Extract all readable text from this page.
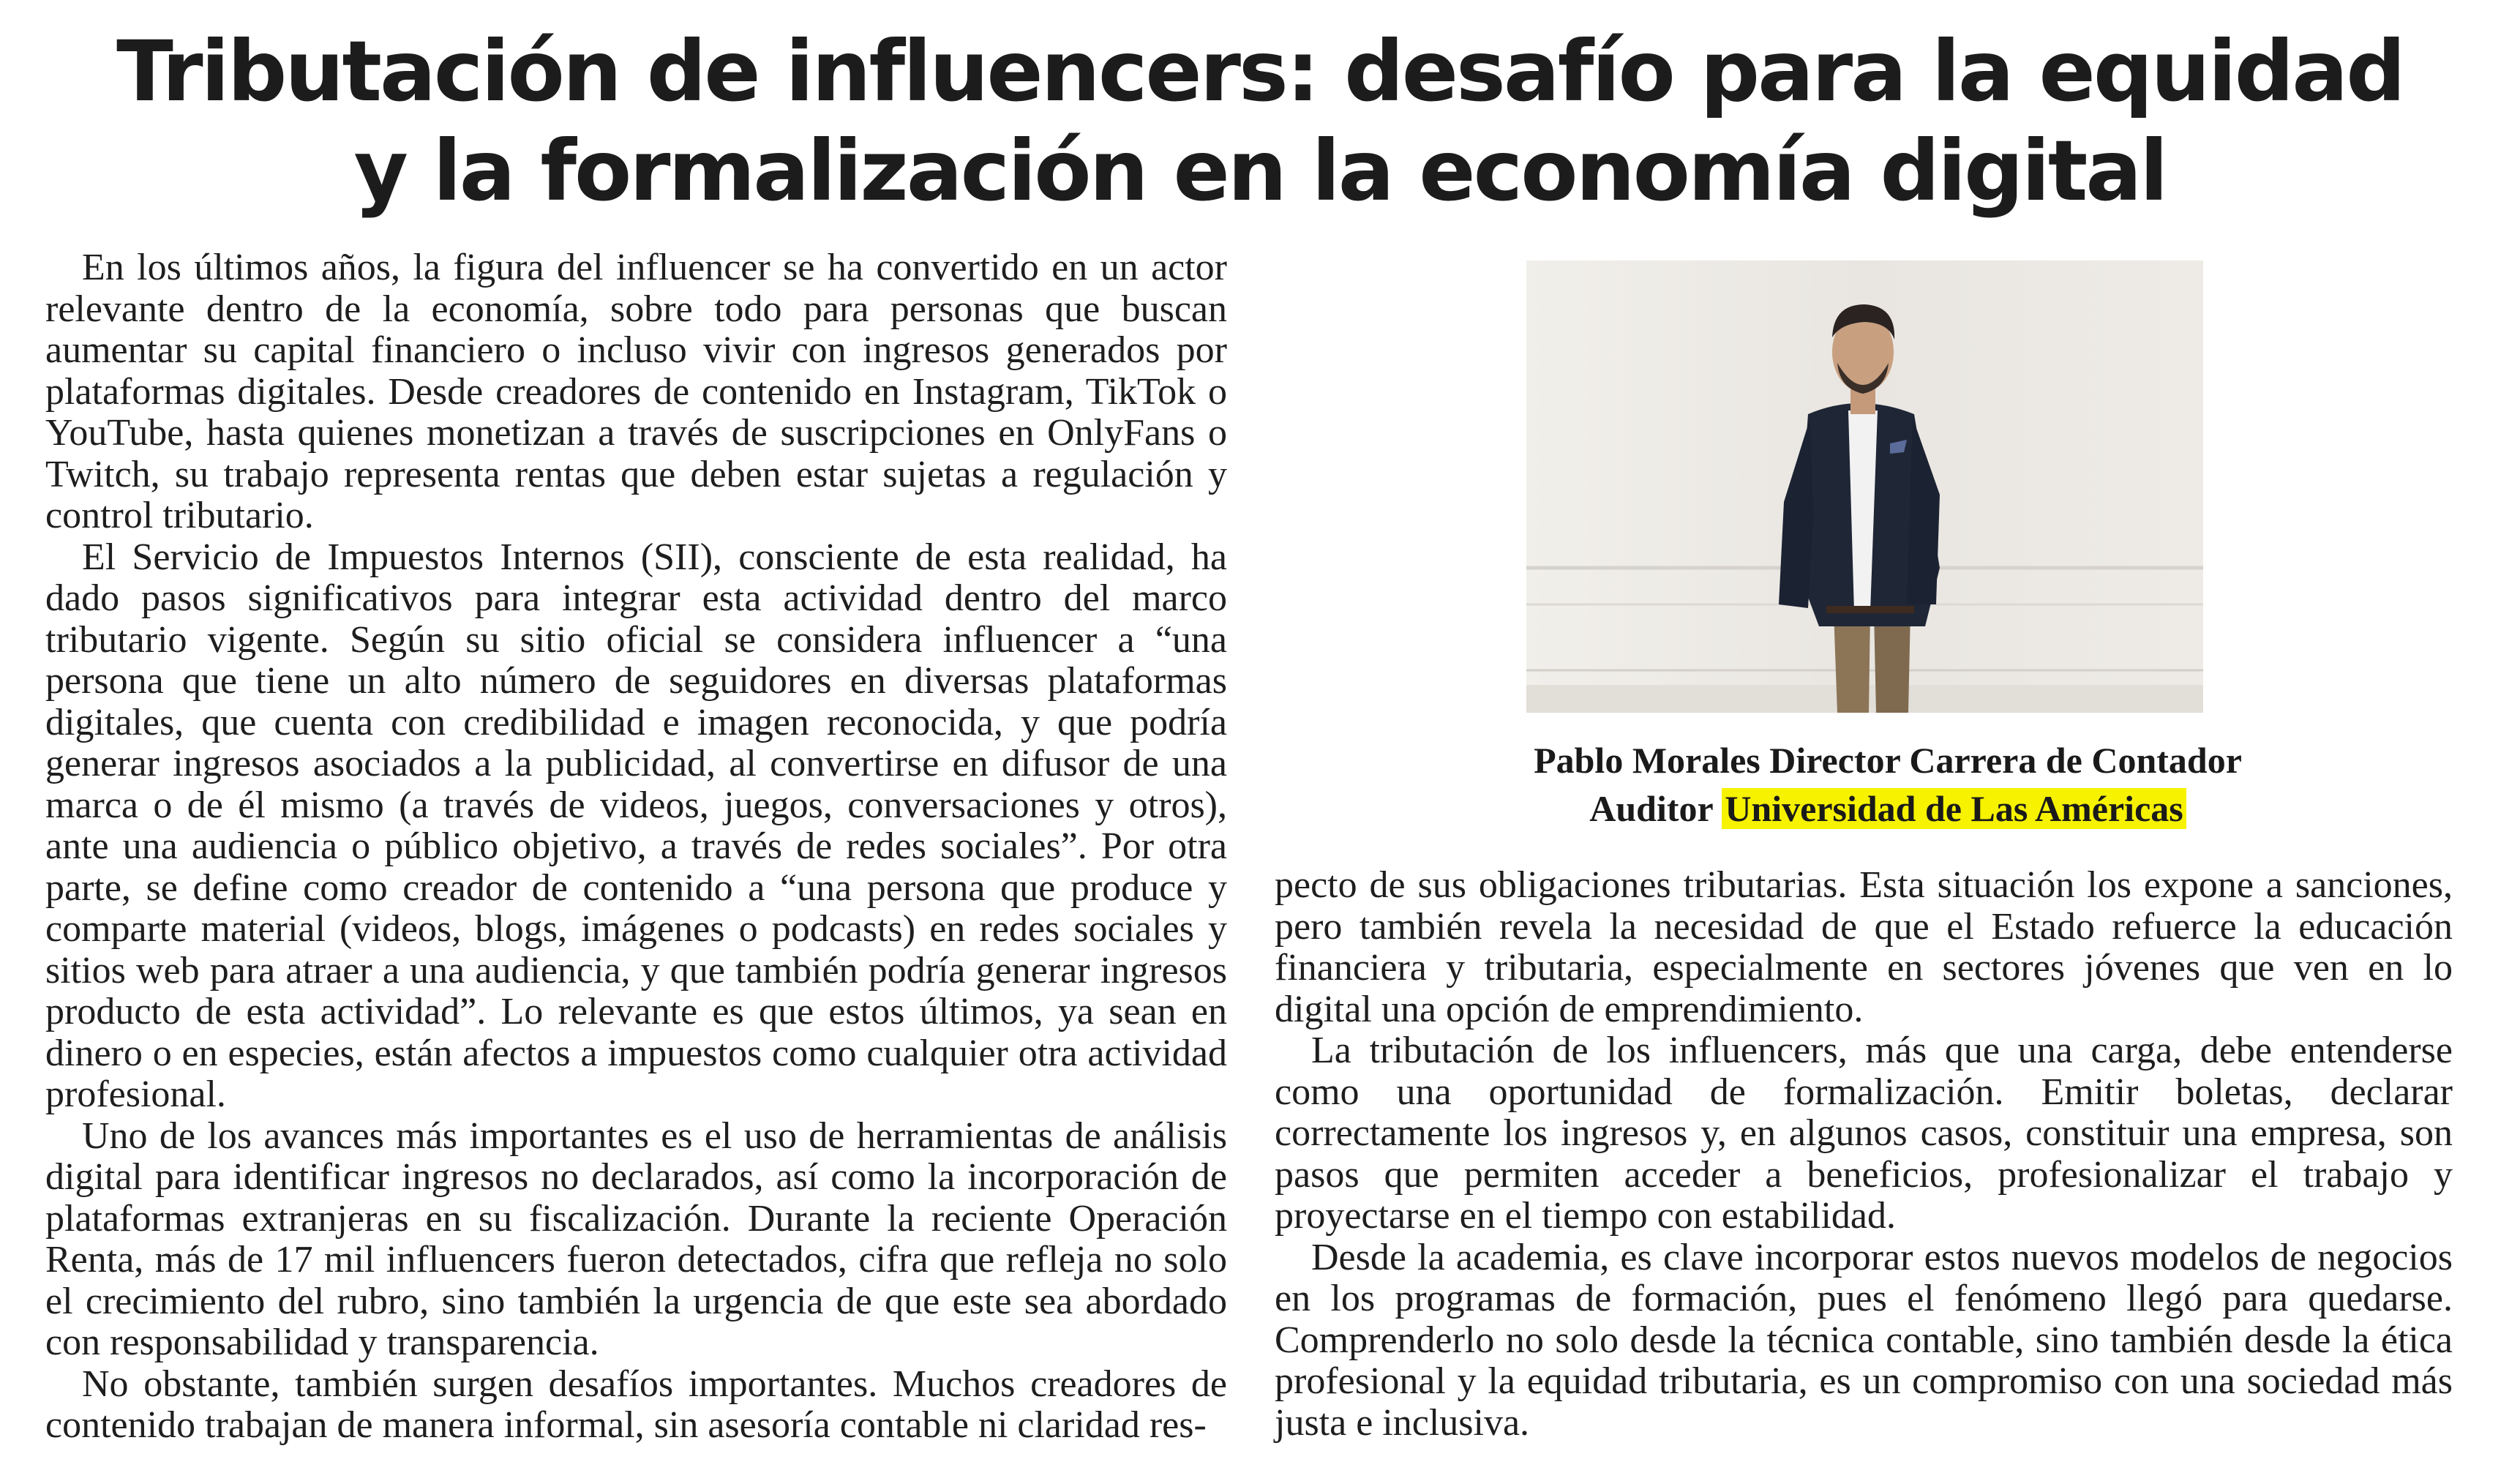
Tributación de influencers: desafío para la equidad
y la formalización en la economía digital

En los últimos años, la figura del influencer se ha convertido en un actor relevante dentro de la economía, sobre todo para personas que buscan aumentar su capital financiero o incluso vivir con ingresos generados por plataformas digitales. Desde creadores de contenido en Instagram, TikTok o YouTube, hasta quienes monetizan a través de suscripciones en OnlyFans o Twitch, su trabajo representa rentas que deben estar sujetas a regulación y control tributario.

El Servicio de Impuestos Internos (SII), consciente de esta realidad, ha dado pasos significativos para integrar esta actividad dentro del marco tributario vigente. Según su sitio oficial se considera influencer a “una persona que tiene un alto número de seguidores en diversas plataformas digitales, que cuenta con credibilidad e imagen reconocida, y que podría generar ingresos asociados a la publicidad, al convertirse en difusor de una marca o de él mismo (a través de videos, juegos, conversaciones y otros), ante una audiencia o público objetivo, a través de redes sociales”. Por otra parte, se define como creador de contenido a “una persona que produce y comparte material (videos, blogs, imágenes o podcasts) en redes sociales y sitios web para atraer a una audiencia, y que también podría generar ingresos producto de esta actividad”. Lo relevante es que estos últimos, ya sean en dinero o en especies, están afectos a impuestos como cualquier otra actividad profesional.

Uno de los avances más importantes es el uso de herramientas de análisis digital para identificar ingresos no declarados, así como la incorporación de plataformas extranjeras en su fiscalización. Durante la reciente Operación Renta, más de 17 mil influencers fueron detectados, cifra que refleja no solo el crecimiento del rubro, sino también la urgencia de que este sea abordado con responsabilidad y transparencia.

No obstante, también surgen desafíos importantes. Muchos creadores de contenido trabajan de manera informal, sin asesoría contable ni claridad res-

Pablo Morales Director Carrera de Contador
Auditor Universidad de Las Américas

pecto de sus obligaciones tributarias. Esta situación los expone a sanciones, pero también revela la necesidad de que el Estado refuerce la educación financiera y tributaria, especialmente en sectores jóvenes que ven en lo digital una opción de emprendimiento.

La tributación de los influencers, más que una carga, debe entenderse como una oportunidad de formalización. Emitir boletas, declarar correctamente los ingresos y, en algunos casos, constituir una empresa, son pasos que permiten acceder a beneficios, profesionalizar el trabajo y proyectarse en el tiempo con estabilidad.

Desde la academia, es clave incorporar estos nuevos modelos de negocios en los programas de formación, pues el fenómeno llegó para quedarse. Comprenderlo no solo desde la técnica contable, sino también desde la ética profesional y la equidad tributaria, es un compromiso con una sociedad más justa e inclusiva.
